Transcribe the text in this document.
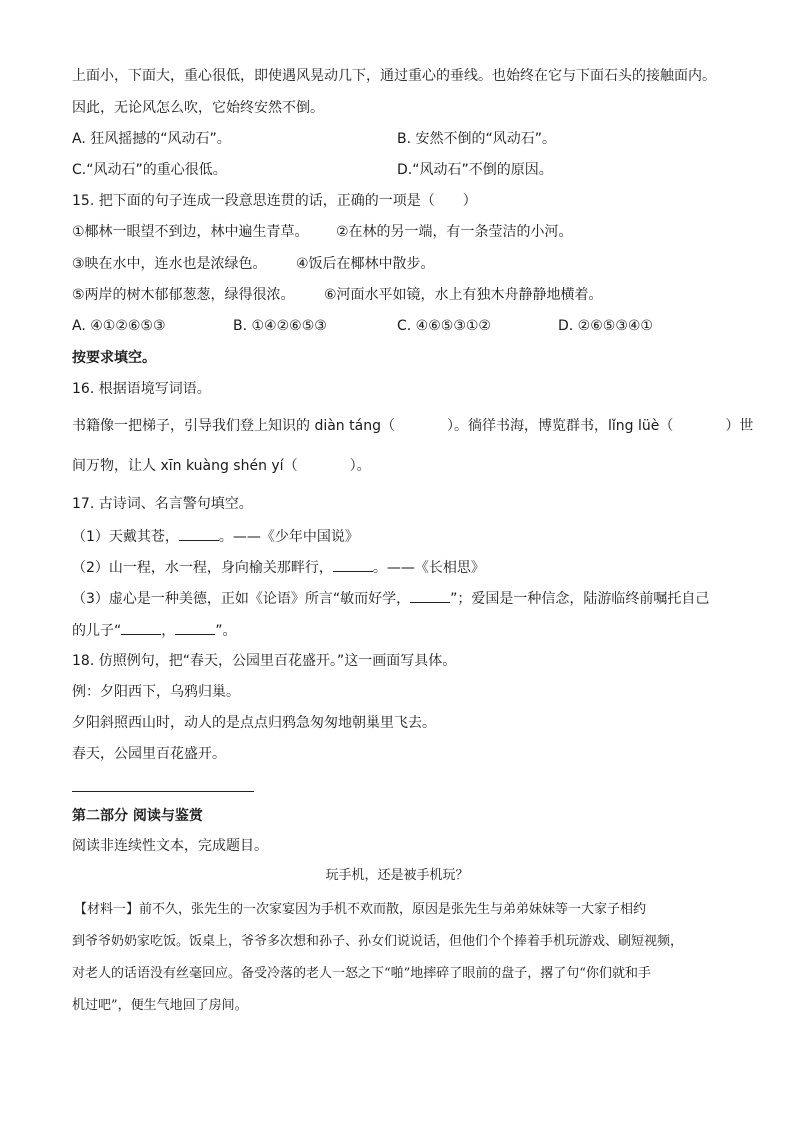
上面小，下面大，重心很低，即使遇风晃动几下，通过重心的垂线。也始终在它与下面石头的接触面内。
因此，无论风怎么吹，它始终安然不倒。
A. 狂风摇撼的“风动石”。	B. 安然不倒的“风动石”。
C.“风动石”的重心很低。	D.“风动石”不倒的原因。
15. 把下面的句子连成一段意思连贯的话，正确的一项是（　　）
①椰林一眼望不到边，林中遍生青草。 ②在林的另一端，有一条莹洁的小河。
③映在水中，连水也是浓绿色。 ④饭后在椰林中散步。
⑤两岸的树木郁郁葱葱，绿得很浓。 ⑥河面水平如镜，水上有独木舟静静地横着。
A. ④①②⑥⑤③	B. ①④②⑥⑤③	C. ④⑥⑤③①②	D. ②⑥⑤③④①
按要求填空。
16. 根据语境写词语。
书籍像一把梯子，引导我们登上知识的 diàn táng（	）。徜徉书海，博览群书，lǐng lüè（	）世
间万物，让人 xīn kuàng shén yí（	）。
17. 古诗词、名言警句填空。
（1）天戴其苍，	。——《少年中国说》
（2）山一程，水一程，身向榆关那畔行，	。——《长相思》
（3）虚心是一种美德，正如《论语》所言“敏而好学，	”；爱国是一种信念，陆游临终前嘱托自己
的儿子“	，	”。
18. 仿照例句，把“春天，公园里百花盛开。”这一画面写具体。
例：夕阳西下，乌鸦归巢。
夕阳斜照西山时，动人的是点点归鸦急匆匆地朝巢里飞去。
春天，公园里百花盛开。
第二部分 阅读与鉴赏
阅读非连续性文本，完成题目。
玩手机，还是被手机玩？
【材料一】前不久，张先生的一次家宴因为手机不欢而散，原因是张先生与弟弟妹妹等一大家子相约
到爷爷奶奶家吃饭。饭桌上，爷爷多次想和孙子、孙女们说说话，但他们个个捧着手机玩游戏、刷短视频，
对老人的话语没有丝毫回应。备受冷落的老人一怒之下“啪”地摔碎了眼前的盘子，撂了句“你们就和手
机过吧”，便生气地回了房间。
